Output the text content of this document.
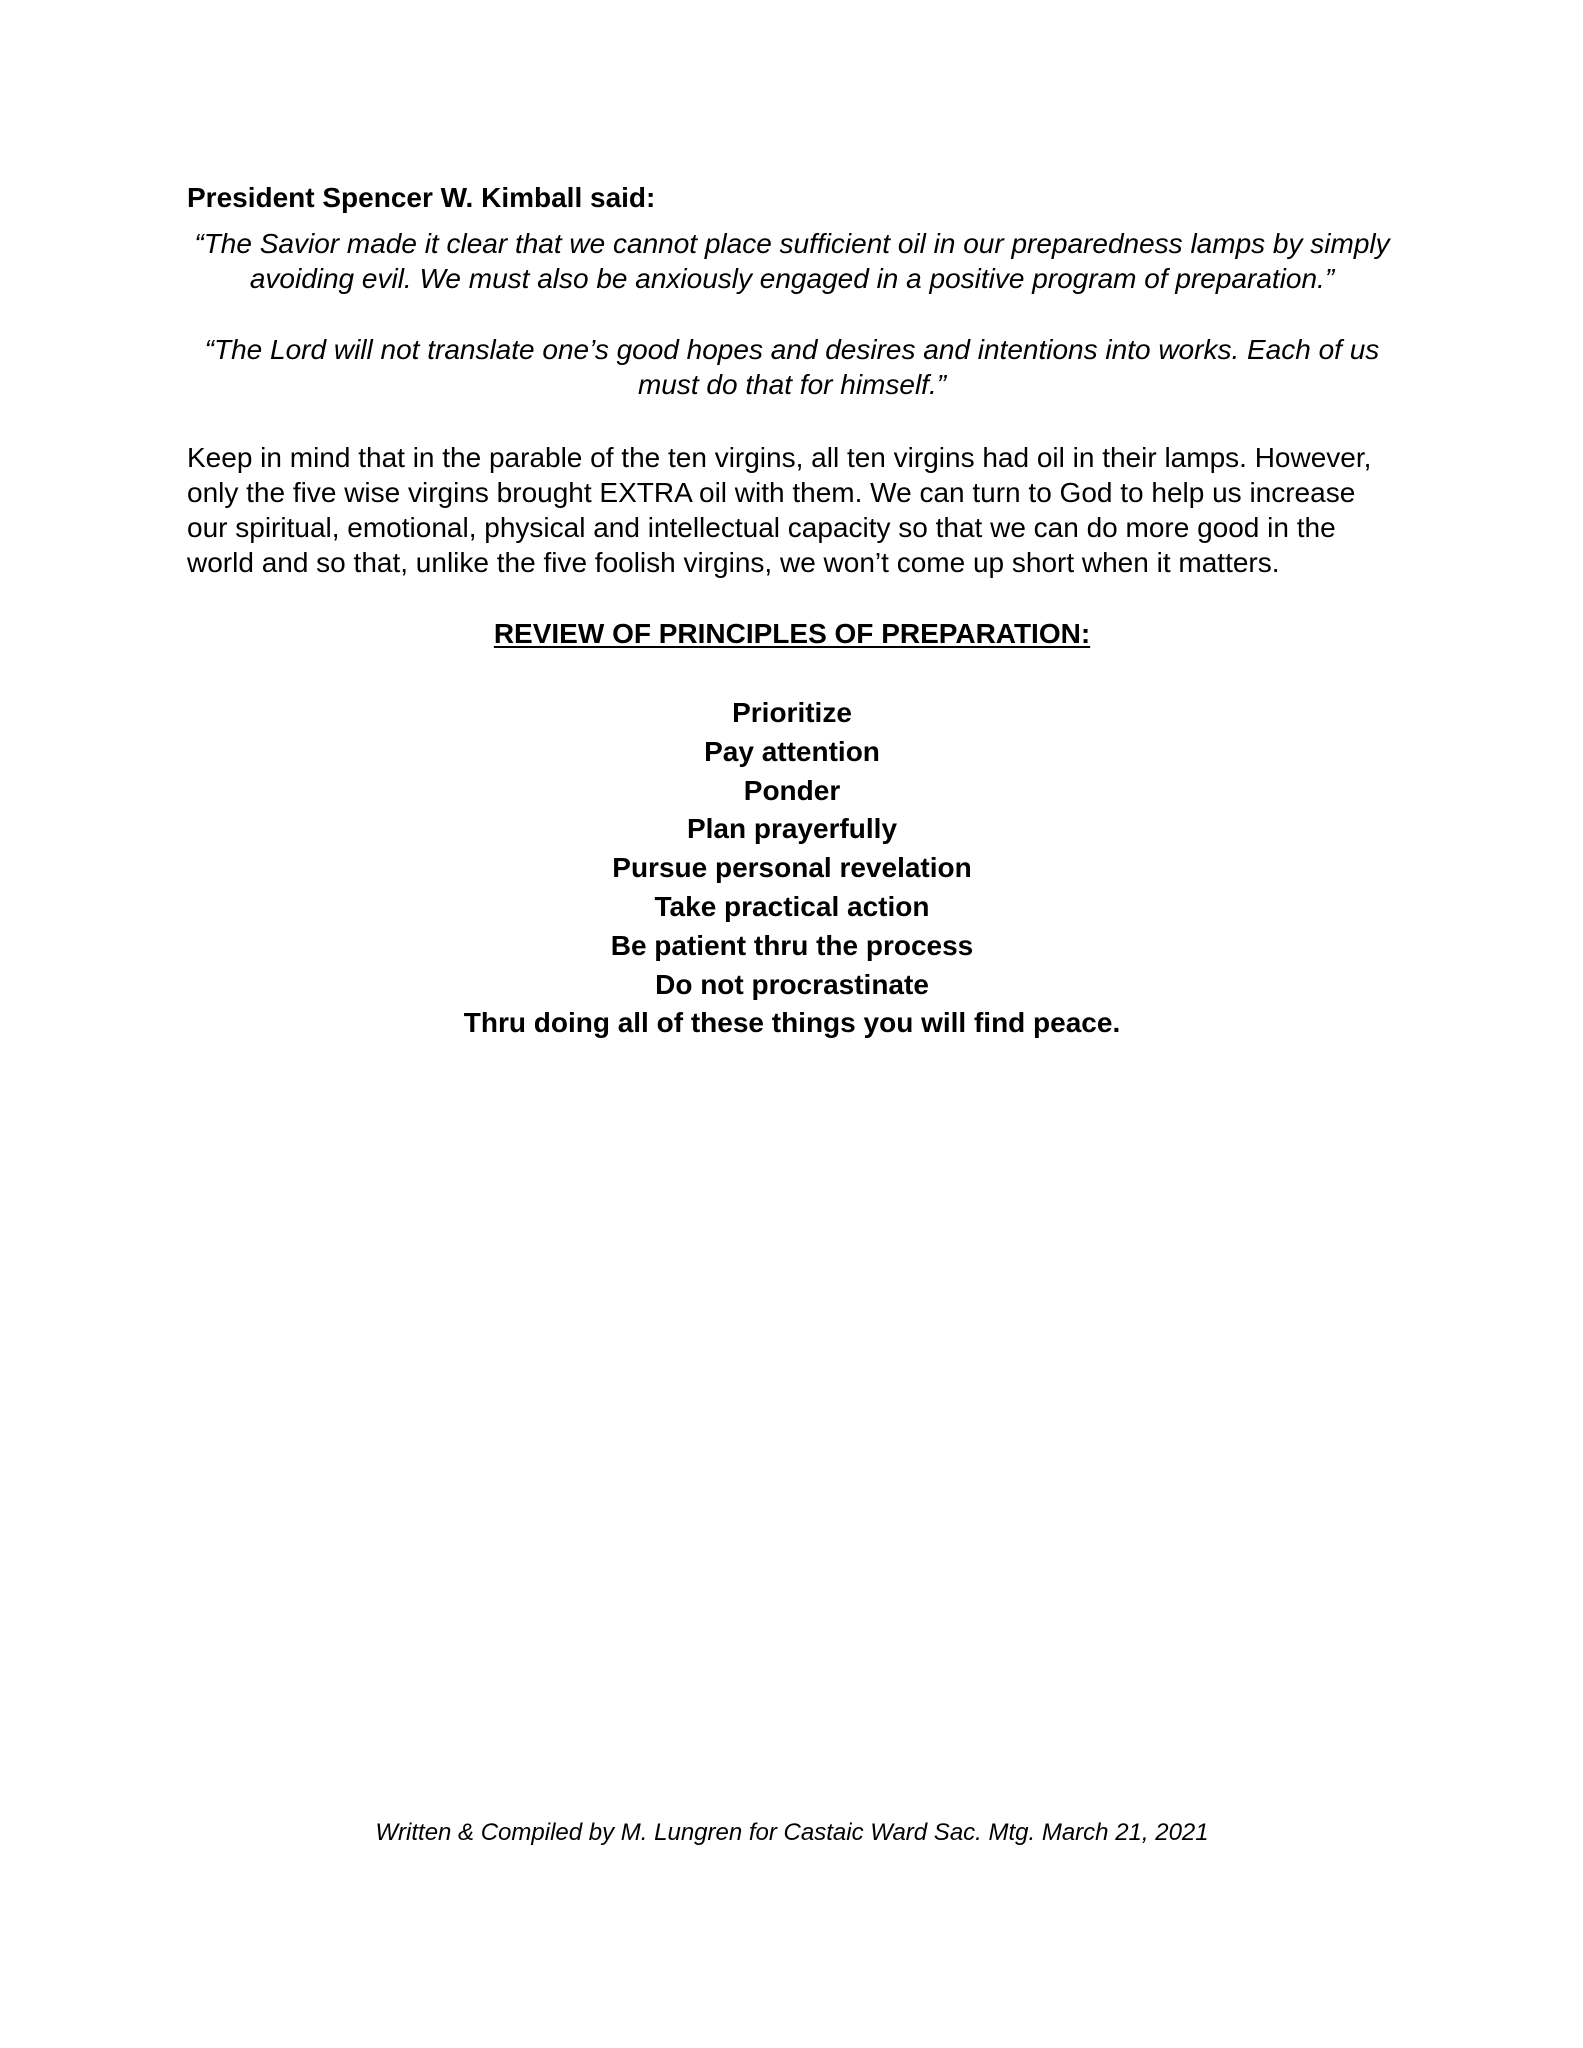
President Spencer W. Kimball said:

“The Savior made it clear that we cannot place sufficient oil in our preparedness lamps by simply avoiding evil. We must also be anxiously engaged in a positive program of preparation.”

“The Lord will not translate one’s good hopes and desires and intentions into works. Each of us must do that for himself.”

Keep in mind that in the parable of the ten virgins, all ten virgins had oil in their lamps. However, only the five wise virgins brought EXTRA oil with them. We can turn to God to help us increase our spiritual, emotional, physical and intellectual capacity so that we can do more good in the world and so that, unlike the five foolish virgins, we won’t come up short when it matters.

REVIEW OF PRINCIPLES OF PREPARATION:

Prioritize
Pay attention
Ponder
Plan prayerfully
Pursue personal revelation
Take practical action
Be patient thru the process
Do not procrastinate
Thru doing all of these things you will find peace.

Written & Compiled by M. Lungren for Castaic Ward Sac. Mtg. March 21, 2021
